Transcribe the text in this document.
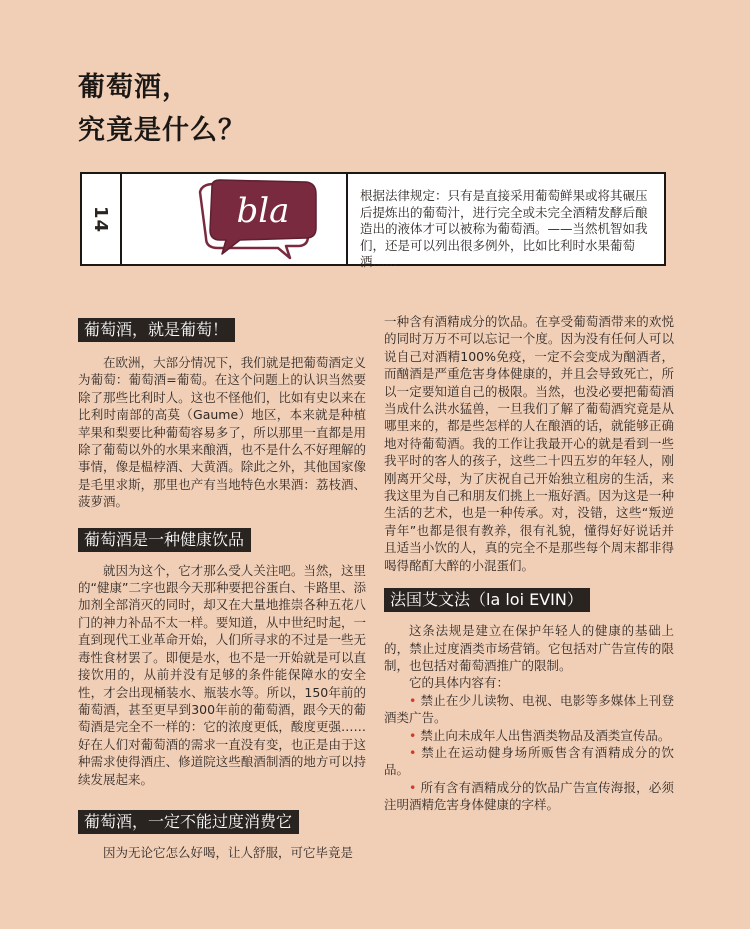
葡萄酒，
究竟是什么？
14	bla	根据法律规定：只有是直接采用葡萄鲜果或将其碾压后提炼出的葡萄汁，进行完全或未完全酒精发酵后酿造出的液体才可以被称为葡萄酒。——当然机智如我们，还是可以列出很多例外，比如比利时水果葡萄酒……
葡萄酒，就是葡萄！

在欧洲，大部分情况下，我们就是把葡萄酒定义为葡萄：葡萄酒=葡萄。在这个问题上的认识当然要除了那些比利时人。这也不怪他们，比如有史以来在比利时南部的高莫（Gaume）地区，本来就是种植苹果和梨要比种葡萄容易多了，所以那里一直都是用除了葡萄以外的水果来酿酒，也不是什么不好理解的事情，像是榅桲酒、大黄酒。除此之外，其他国家像是毛里求斯，那里也产有当地特色水果酒：荔枝酒、菠萝酒。

葡萄酒是一种健康饮品

就因为这个，它才那么受人关注吧。当然，这里的“健康”二字也跟今天那种要把谷蛋白、卡路里、添加剂全部消灭的同时，却又在大量地推崇各种五花八门的神力补品不太一样。要知道，从中世纪时起，一直到现代工业革命开始，人们所寻求的不过是一些无毒性食材罢了。即便是水，也不是一开始就是可以直接饮用的，从前并没有足够的条件能保障水的安全性，才会出现桶装水、瓶装水等。所以，150年前的葡萄酒，甚至更早到300年前的葡萄酒，跟今天的葡萄酒是完全不一样的：它的浓度更低，酸度更强……好在人们对葡萄酒的需求一直没有变，也正是由于这种需求使得酒庄、修道院这些酿酒制酒的地方可以持续发展起来。

葡萄酒，一定不能过度消费它

因为无论它怎么好喝，让人舒服，可它毕竟是

一种含有酒精成分的饮品。在享受葡萄酒带来的欢悦的同时万万不可以忘记一个度。因为没有任何人可以说自己对酒精100%免疫，一定不会变成为酗酒者，而酗酒是严重危害身体健康的，并且会导致死亡，所以一定要知道自己的极限。当然，也没必要把葡萄酒当成什么洪水猛兽，一旦我们了解了葡萄酒究竟是从哪里来的，都是些怎样的人在酿酒的话，就能够正确地对待葡萄酒。我的工作让我最开心的就是看到一些我平时的客人的孩子，这些二十四五岁的年轻人，刚刚离开父母，为了庆祝自己开始独立租房的生活，来我这里为自己和朋友们挑上一瓶好酒。因为这是一种生活的艺术，也是一种传承。对，没错，这些“叛逆青年”也都是很有教养，很有礼貌，懂得好好说话并且适当小饮的人，真的完全不是那些每个周末都非得喝得酩酊大醉的小混蛋们。

法国艾文法（la loi EVIN）

这条法规是建立在保护年轻人的健康的基础上的，禁止过度酒类市场营销。它包括对广告宣传的限制，也包括对葡萄酒推广的限制。

它的具体内容有：

• 禁止在少儿读物、电视、电影等多媒体上刊登酒类广告。
• 禁止向未成年人出售酒类物品及酒类宣传品。
• 禁止在运动健身场所贩售含有酒精成分的饮品。
• 所有含有酒精成分的饮品广告宣传海报，必须注明酒精危害身体健康的字样。
